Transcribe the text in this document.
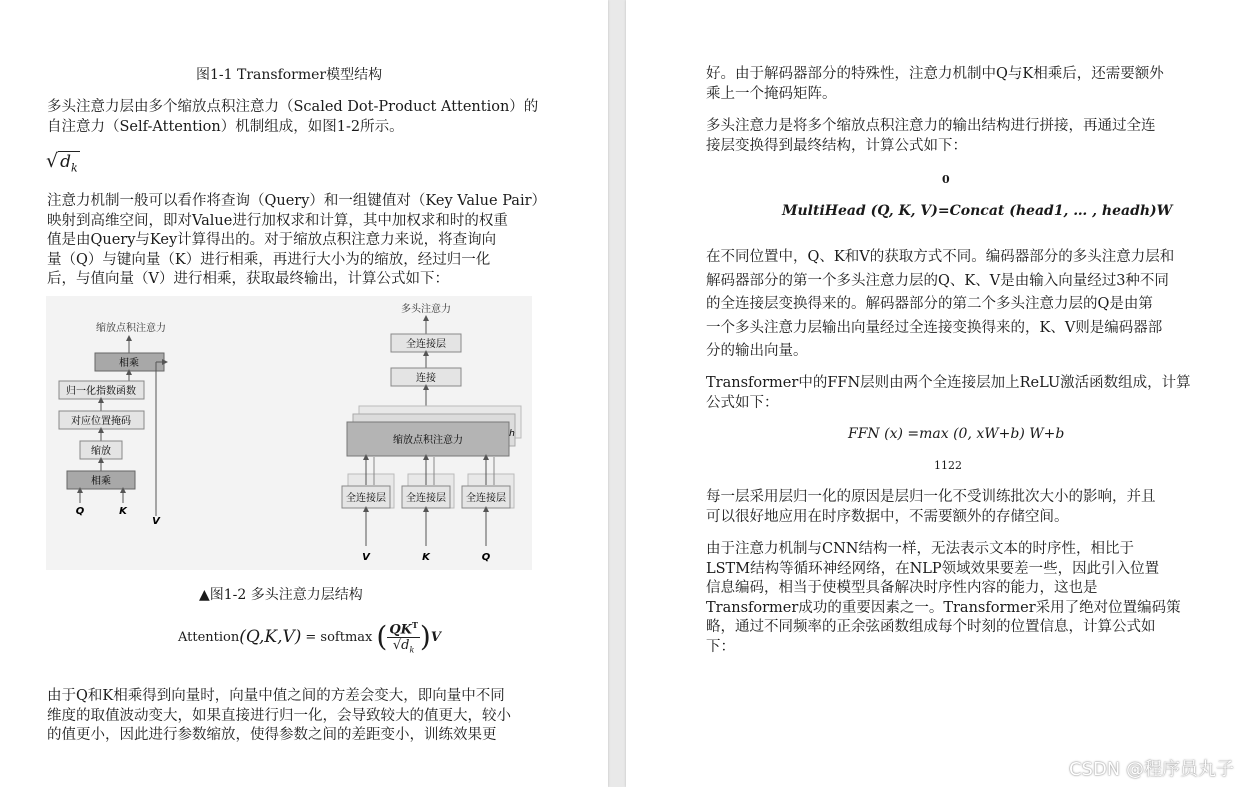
图1-1 Transformer模型结构
多头注意力层由多个缩放点积注意力（Scaled Dot-Product Attention）的
自注意力（Self-Attention）机制组成，如图1-2所示。
√ $d_k$
注意力机制一般可以看作将查询（Query）和一组键值对（Key Value Pair）
映射到高维空间，即对Value进行加权求和计算，其中加权求和时的权重
值是由Query与Key计算得出的。对于缩放点积注意力来说，将查询向
量（Q）与键向量（K）进行相乘，再进行大小为的缩放，经过归一化
后，与值向量（V）进行相乘，获取最终输出，计算公式如下：
缩放点积注意力
相乘
归一化指数函数
对应位置掩码
缩放
相乘
Q	K
V
多头注意力
全连接层
连接
缩放点积注意力
h
全连接层 全连接层 全连接层
V	K	Q
▲图1-2 多头注意力层结构
Attention (Q,K,V) = softmax ( $QK^T$
$√d_k$ ) V
由于Q和K相乘得到向量时，向量中值之间的方差会变大，即向量中不同
维度的取值波动变大，如果直接进行归一化，会导致较大的值更大，较小
的值更小，因此进行参数缩放，使得参数之间的差距变小，训练效果更
好。由于解码器部分的特殊性，注意力机制中Q与K相乘后，还需要额外
乘上一个掩码矩阵。
多头注意力是将多个缩放点积注意力的输出结构进行拼接，再通过全连
接层变换得到最终结构，计算公式如下：
0
MultiHead (Q, K, V)=Concat (head1, … , headh)W
在不同位置中，Q、K和V的获取方式不同。编码器部分的多头注意力层和
解码器部分的第一个多头注意力层的Q、K、V是由输入向量经过3种不同
的全连接层变换得来的。解码器部分的第二个多头注意力层的Q是由第
一个多头注意力层输出向量经过全连接变换得来的，K、V则是编码器部
分的输出向量。
Transformer中的FFN层则由两个全连接层加上ReLU激活函数组成，计算
公式如下：
FFN (x) =max (0, xW+b) W+b
1122
每一层采用层归一化的原因是层归一化不受训练批次大小的影响，并且
可以很好地应用在时序数据中，不需要额外的存储空间。
由于注意力机制与CNN结构一样，无法表示文本的时序性，相比于
LSTM结构等循环神经网络，在NLP领域效果要差一些，因此引入位置
信息编码，相当于使模型具备解决时序性内容的能力，这也是
Transformer成功的重要因素之一。Transformer采用了绝对位置编码策
略，通过不同频率的正余弦函数组成每个时刻的位置信息，计算公式如
下：
CSDN @程序员丸子
